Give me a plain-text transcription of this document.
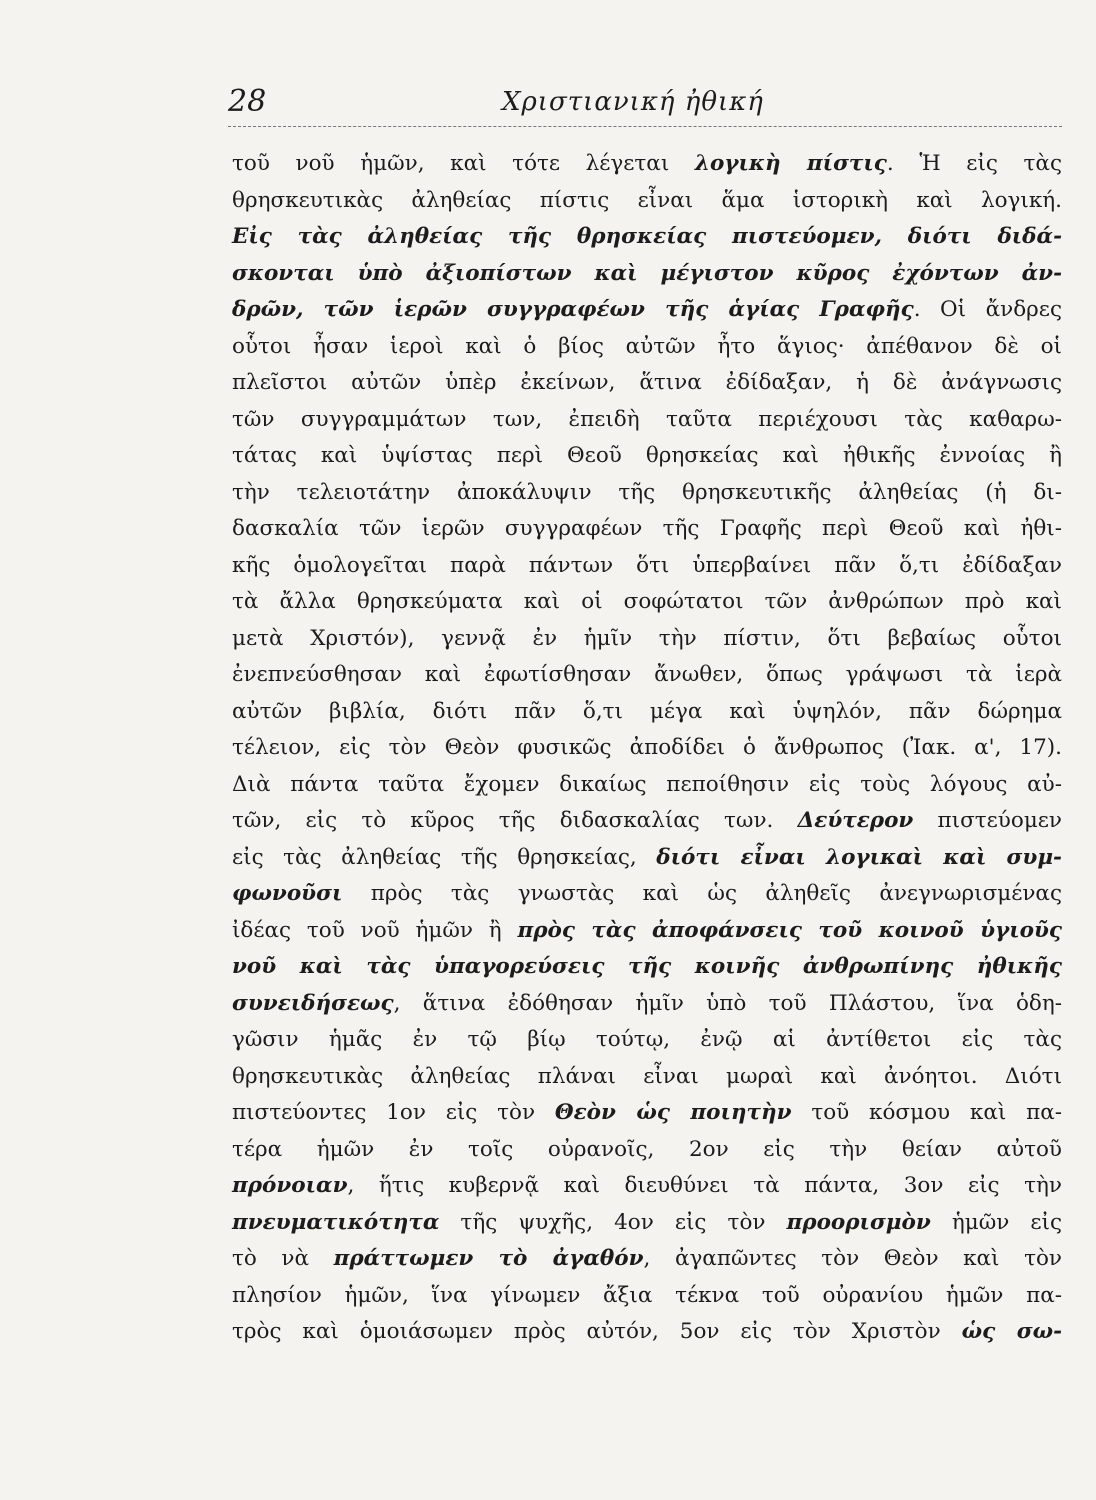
28	Χριστιανική ἠθική
τοῦ νοῦ ἡμῶν, καὶ τότε λέγεται λογικὴ πίστις. Ἡ εἰς τὰς
θρησκευτικὰς ἀληθείας πίστις εἶναι ἅμα ἱστορικὴ καὶ λογική.
Εἰς τὰς ἀληθείας τῆς θρησκείας πιστεύομεν, διότι διδά-
σκονται ὑπὸ ἀξιοπίστων καὶ μέγιστον κῦρος ἐχόντων ἀν-
δρῶν, τῶν ἱερῶν συγγραφέων τῆς ἁγίας Γραφῆς. Οἱ ἄνδρες
οὗτοι ἦσαν ἱεροὶ καὶ ὁ βίος αὐτῶν ἦτο ἅγιος· ἀπέθανον δὲ οἱ
πλεῖστοι αὐτῶν ὑπὲρ ἐκείνων, ἅτινα ἐδίδαξαν, ἡ δὲ ἀνάγνωσις
τῶν συγγραμμάτων των, ἐπειδὴ ταῦτα περιέχουσι τὰς καθαρω-
τάτας καὶ ὑψίστας περὶ Θεοῦ θρησκείας καὶ ἠθικῆς ἐννοίας ἢ
τὴν τελειοτάτην ἀποκάλυψιν τῆς θρησκευτικῆς ἀληθείας (ἡ δι-
δασκαλία τῶν ἱερῶν συγγραφέων τῆς Γραφῆς περὶ Θεοῦ καὶ ἠθι-
κῆς ὁμολογεῖται παρὰ πάντων ὅτι ὑπερβαίνει πᾶν ὅ,τι ἐδίδαξαν
τὰ ἄλλα θρησκεύματα καὶ οἱ σοφώτατοι τῶν ἀνθρώπων πρὸ καὶ
μετὰ Χριστόν), γεννᾷ ἐν ἡμῖν τὴν πίστιν, ὅτι βεβαίως οὗτοι
ἐνεπνεύσθησαν καὶ ἐφωτίσθησαν ἄνωθεν, ὅπως γράψωσι τὰ ἱερὰ
αὐτῶν βιβλία, διότι πᾶν ὅ,τι μέγα καὶ ὑψηλόν, πᾶν δώρημα
τέλειον, εἰς τὸν Θεὸν φυσικῶς ἀποδίδει ὁ ἄνθρωπος (Ἰακ. α', 17).
Διὰ πάντα ταῦτα ἔχομεν δικαίως πεποίθησιν εἰς τοὺς λόγους αὐ-
τῶν, εἰς τὸ κῦρος τῆς διδασκαλίας των. Δεύτερον πιστεύομεν
εἰς τὰς ἀληθείας τῆς θρησκείας, διότι εἶναι λογικαὶ καὶ συμ-
φωνοῦσι πρὸς τὰς γνωστὰς καὶ ὡς ἀληθεῖς ἀνεγνωρισμένας
ἰδέας τοῦ νοῦ ἡμῶν ἢ πρὸς τὰς ἀποφάνσεις τοῦ κοινοῦ ὑγιοῦς
νοῦ καὶ τὰς ὑπαγορεύσεις τῆς κοινῆς ἀνθρωπίνης ἠθικῆς
συνειδήσεως, ἅτινα ἐδόθησαν ἡμῖν ὑπὸ τοῦ Πλάστου, ἵνα ὁδη-
γῶσιν ἡμᾶς ἐν τῷ βίῳ τούτῳ, ἐνῷ αἱ ἀντίθετοι εἰς τὰς
θρησκευτικὰς ἀληθείας πλάναι εἶναι μωραὶ καὶ ἀνόητοι. Διότι
πιστεύοντες 1ον εἰς τὸν Θεὸν ὡς ποιητὴν τοῦ κόσμου καὶ πα-
τέρα ἡμῶν ἐν τοῖς οὐρανοῖς, 2ον εἰς τὴν θείαν αὐτοῦ
πρόνοιαν, ἥτις κυβερνᾷ καὶ διευθύνει τὰ πάντα, 3ον εἰς τὴν
πνευματικότητα τῆς ψυχῆς, 4ον εἰς τὸν προορισμὸν ἡμῶν εἰς
τὸ νὰ πράττωμεν τὸ ἀγαθόν, ἀγαπῶντες τὸν Θεὸν καὶ τὸν
πλησίον ἡμῶν, ἵνα γίνωμεν ἄξια τέκνα τοῦ οὐρανίου ἡμῶν πα-
τρὸς καὶ ὁμοιάσωμεν πρὸς αὐτόν, 5ον εἰς τὸν Χριστὸν ὡς σω-
